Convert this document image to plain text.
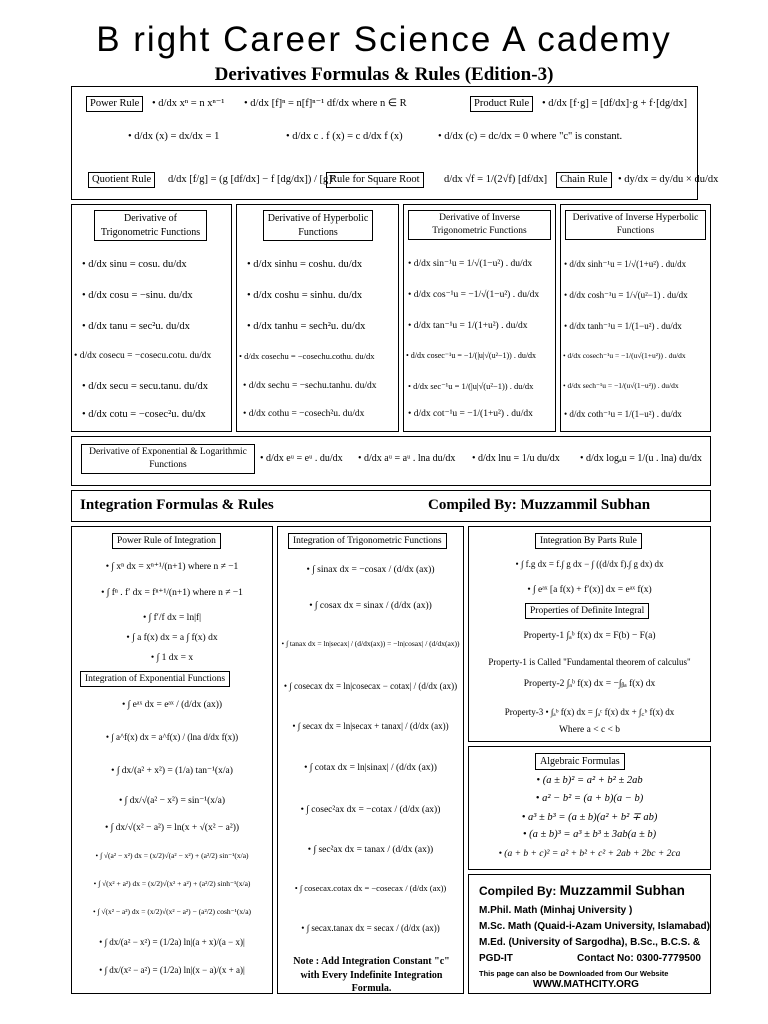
B right Career Science A cademy
Derivatives Formulas & Rules (Edition-3)
Power Rule	• d/dx xⁿ = n xⁿ⁻¹ • d/dx [f]ⁿ = n[f]ⁿ⁻¹ df/dx where n ∈ R	Product Rule	• d/dx [f·g] = [df/dx]·g + f·[dg/dx]
• d/dx (x) = dx/dx = 1	• d/dx c . f (x) = c d/dx f (x)	• d/dx (c) = dc/dx = 0 where "c" is constant.
Quotient Rule	d/dx [f/g] = (g [df/dx] − f [dg/dx]) / [g]²
Rule for Square Root	d/dx √f = 1/(2√f) [df/dx]	Chain Rule • dy/dx = dy/du × du/dx
Derivative of Trigonometric Functions
• d/dx sinu = cosu. du/dx
• d/dx cosu = −sinu. du/dx
• d/dx tanu = sec²u. du/dx
• d/dx cosecu = −cosecu.cotu. du/dx
• d/dx secu = secu.tanu. du/dx
• d/dx cotu = −cosec²u. du/dx
Derivative of Hyperbolic Functions
• d/dx sinhu = coshu. du/dx
• d/dx coshu = sinhu. du/dx
• d/dx tanhu = sech²u. du/dx
• d/dx cosechu = −cosechu.cothu. du/dx
• d/dx sechu = −sechu.tanhu. du/dx
• d/dx cothu = −cosech²u. du/dx
Derivative of Inverse Trigonometric Functions
• d/dx sin⁻¹u = 1/√(1−u²) . du/dx
• d/dx cos⁻¹u = −1/√(1−u²) . du/dx
• d/dx tan⁻¹u = 1/(1+u²) . du/dx
• d/dx cosec⁻¹u = −1/(|u|√(u²−1)) . du/dx
• d/dx sec⁻¹u = 1/(|u|√(u²−1)) . du/dx
• d/dx cot⁻¹u = −1/(1+u²) . du/dx
Derivative of Inverse Hyperbolic Functions
• d/dx sinh⁻¹u = 1/√(1+u²) . du/dx
• d/dx cosh⁻¹u = 1/√(u²−1) . du/dx
• d/dx tanh⁻¹u = 1/(1−u²) . du/dx
• d/dx cosech⁻¹u = −1/(u√(1+u²)) . du/dx
• d/dx sech⁻¹u = −1/(u√(1−u²)) . du/dx
• d/dx coth⁻¹u = 1/(1−u²) . du/dx
Derivative of Exponential & Logarithmic Functions
• d/dx eᵘ = eᵘ . du/dx • d/dx aᵘ = aᵘ . lna du/dx • d/dx lnu = 1/u du/dx • d/dx logₐu = 1/(u . lna) du/dx
Integration Formulas & Rules	Compiled By: Muzzammil Subhan
Power Rule of Integration
• ∫ xⁿ dx = xⁿ⁺¹/(n+1) where n ≠ −1
• ∫ fⁿ . f′ dx = fⁿ⁺¹/(n+1) where n ≠ −1
• ∫ f′/f dx = ln|f|
• ∫ a f(x) dx = a ∫ f(x) dx
• ∫ 1 dx = x
Integration of Exponential Functions
• ∫ eᵃˣ dx = eᵃˣ / (d/dx (ax))
• ∫ a^f(x) dx = a^f(x) / (lna d/dx f(x))
• ∫ dx/(a² + x²) = (1/a) tan⁻¹(x/a)
• ∫ dx/√(a² − x²) = sin⁻¹(x/a)
• ∫ dx/√(x² − a²) = ln(x + √(x² − a²))
• ∫ √(a² − x²) dx = (x/2)√(a² − x²) + (a²/2) sin⁻¹(x/a)
• ∫ √(x² + a²) dx = (x/2)√(x² + a²) + (a²/2) sinh⁻¹(x/a)
• ∫ √(x² − a²) dx = (x/2)√(x² − a²) − (a²/2) cosh⁻¹(x/a)
• ∫ dx/(a² − x²) = (1/2a) ln|(a + x)/(a − x)|
• ∫ dx/(x² − a²) = (1/2a) ln|(x − a)/(x + a)|
Integration of Trigonometric Functions
• ∫ sinax dx = −cosax / (d/dx (ax))
• ∫ cosax dx = sinax / (d/dx (ax))
• ∫ tanax dx = ln|secax| / (d/dx(ax)) = −ln|cosax| / (d/dx(ax))
• ∫ cosecax dx = ln|cosecax − cotax| / (d/dx (ax))
• ∫ secax dx = ln|secax + tanax| / (d/dx (ax))
• ∫ cotax dx = ln|sinax| / (d/dx (ax))
• ∫ cosec²ax dx = −cotax / (d/dx (ax))
• ∫ sec²ax dx = tanax / (d/dx (ax))
• ∫ cosecax.cotax dx = −cosecax / (d/dx (ax))
• ∫ secax.tanax dx = secax / (d/dx (ax))
Note : Add Integration Constant "c" with Every Indefinite Integration Formula.
Integration By Parts Rule
• ∫ f.g dx = f.∫ g dx − ∫ ((d/dx f).∫ g dx) dx
• ∫ eᵃˣ [a f(x) + f′(x)] dx = eᵃˣ f(x)
Properties of Definite Integral
Property-1 ∫ₐᵇ f(x) dx = F(b) − F(a)
Property-1 is Called "Fundamental theorem of calculus"
Property-2 ∫ₐᵇ f(x) dx = −∫ᵦₐ f(x) dx
Property-3 • ∫ₐᵇ f(x) dx = ∫ₐᶜ f(x) dx + ∫꜀ᵇ f(x) dx
Where a < c < b
Algebraic Formulas
• (a ± b)² = a² + b² ± 2ab
• a² − b² = (a + b)(a − b)
• a³ ± b³ = (a ± b)(a² + b² ∓ ab)
• (a ± b)³ = a³ ± b³ ± 3ab(a ± b)
• (a + b + c)² = a² + b² + c² + 2ab + 2bc + 2ca
Compiled By: Muzzammil Subhan
M.Phil. Math (Minhaj University )
M.Sc. Math (Quaid-i-Azam University, Islamabad)
M.Ed. (University of Sargodha), B.Sc., B.C.S. &
PGD-IT	Contact No: 0300-7779500
This page can also be Downloaded from Our Website
WWW.MATHCITY.ORG
